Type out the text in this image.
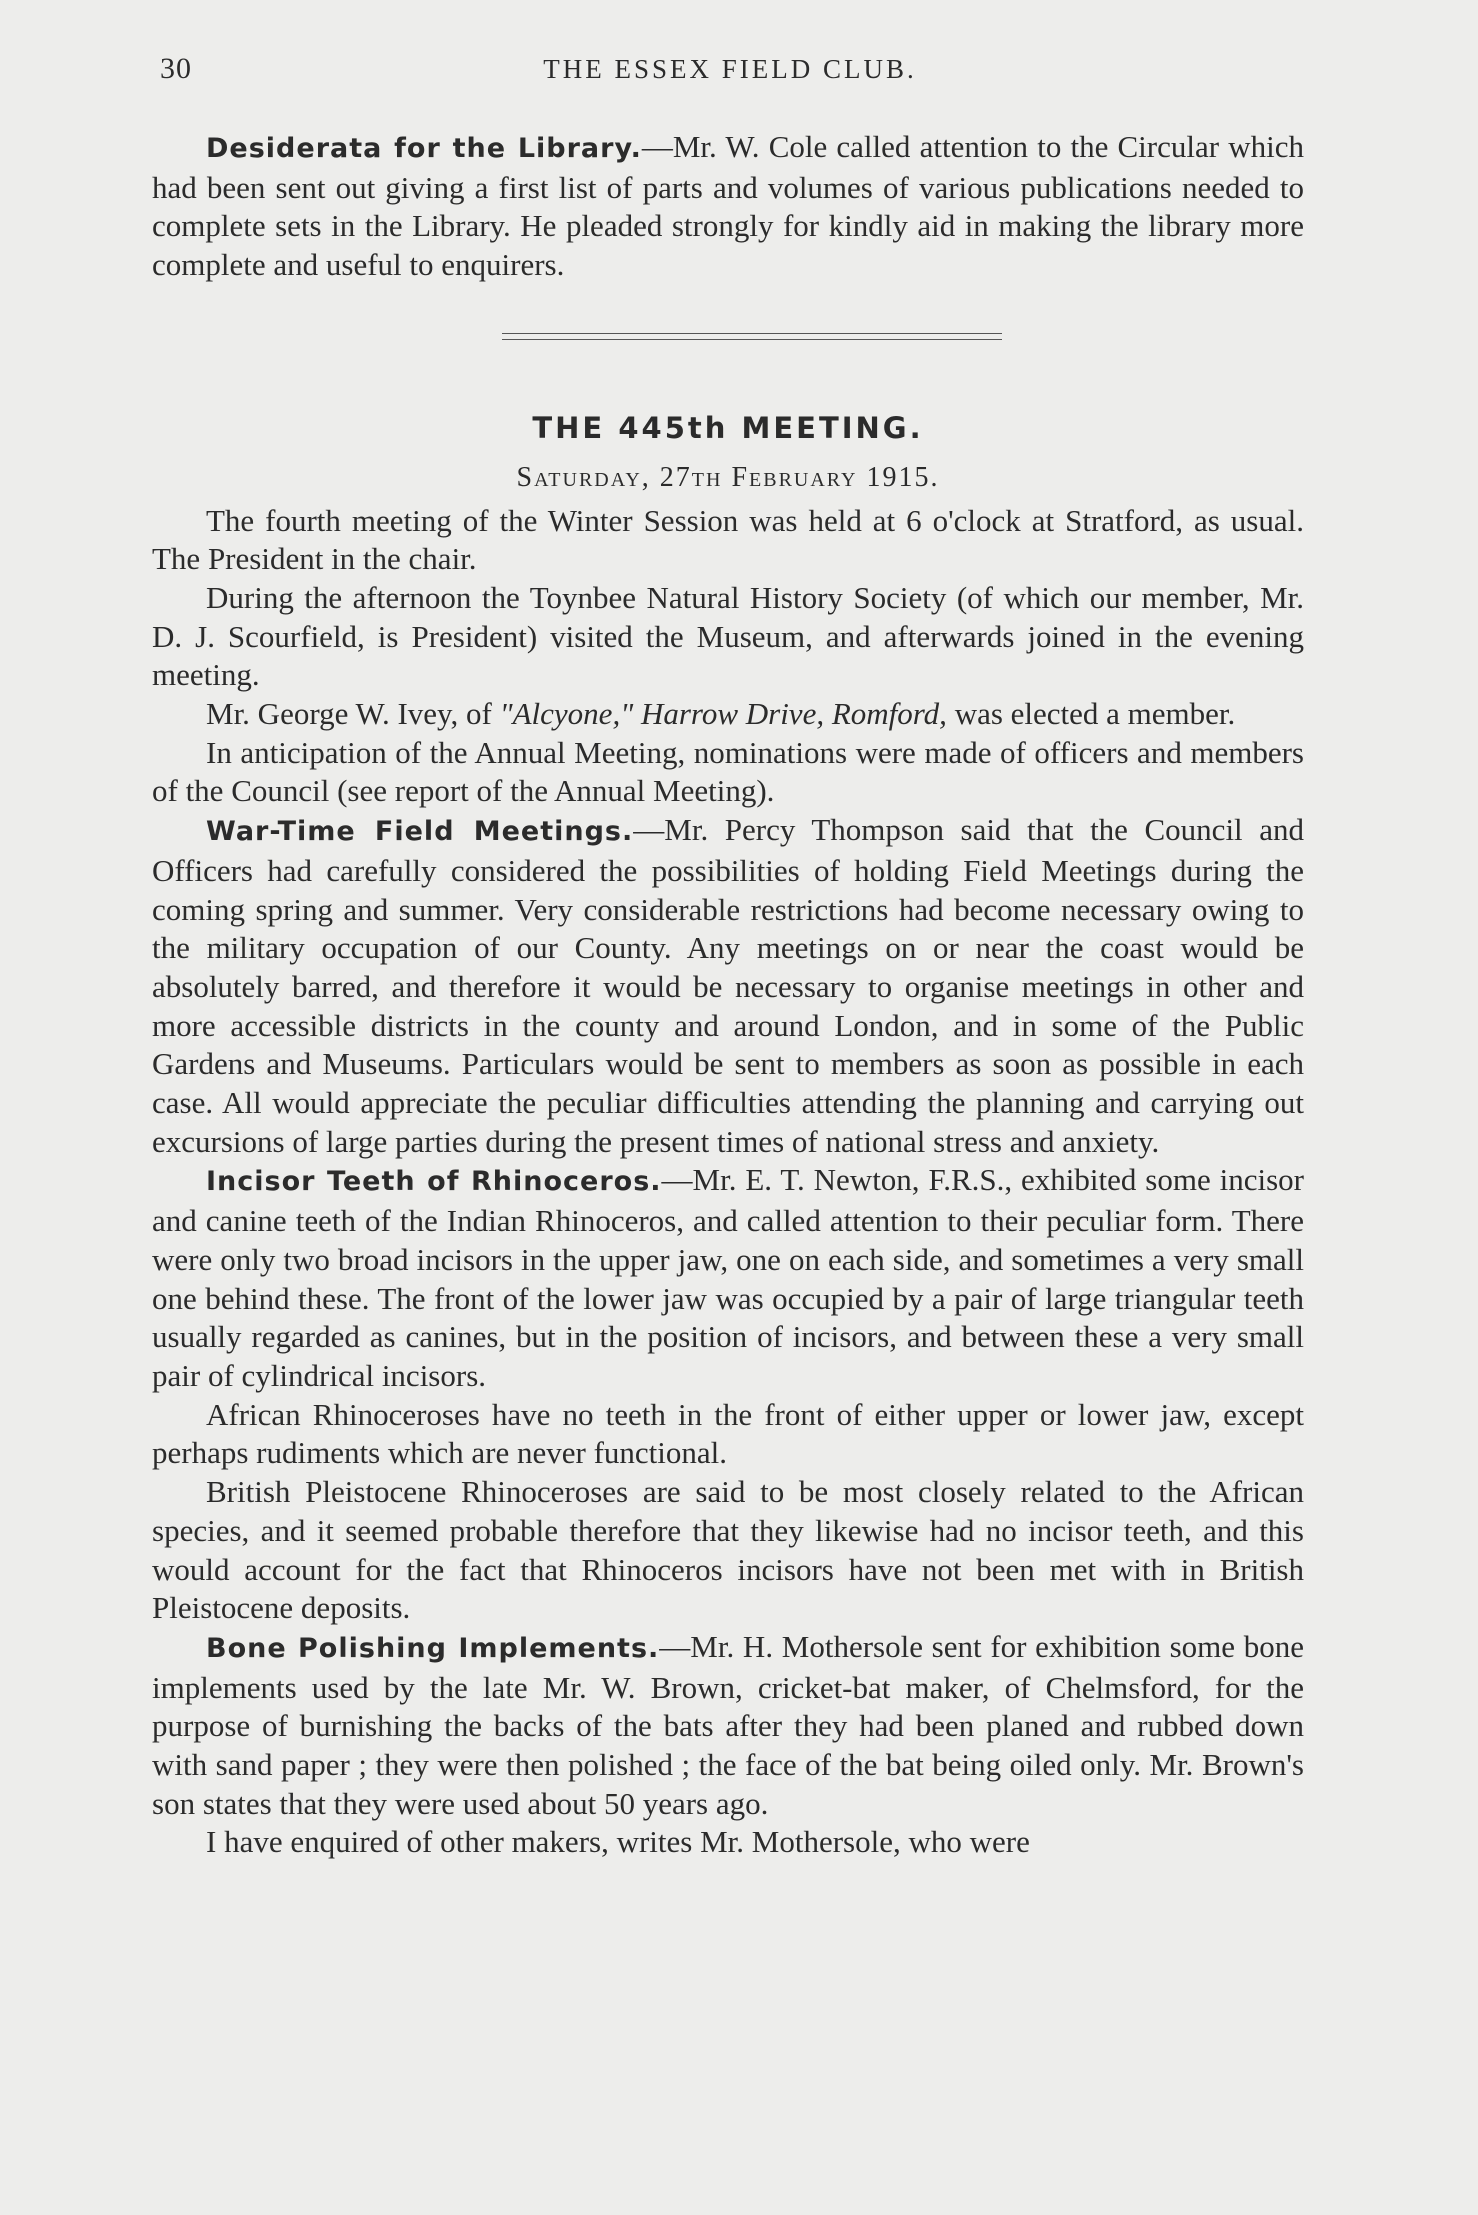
30	THE ESSEX FIELD CLUB.

Desiderata for the Library.—Mr. W. Cole called attention to the Circular which had been sent out giving a first list of parts and volumes of various publications needed to complete sets in the Library. He pleaded strongly for kindly aid in making the library more complete and useful to enquirers.

THE 445th MEETING.

Saturday, 27th February 1915.

The fourth meeting of the Winter Session was held at 6 o'clock at Stratford, as usual. The President in the chair.

During the afternoon the Toynbee Natural History Society (of which our member, Mr. D. J. Scourfield, is President) visited the Museum, and afterwards joined in the evening meeting.

Mr. George W. Ivey, of "Alcyone," Harrow Drive, Romford, was elected a member.

In anticipation of the Annual Meeting, nominations were made of officers and members of the Council (see report of the Annual Meeting).

War-Time Field Meetings.—Mr. Percy Thompson said that the Council and Officers had carefully considered the possibilities of holding Field Meetings during the coming spring and summer. Very considerable restrictions had become necessary owing to the military occupation of our County. Any meetings on or near the coast would be absolutely barred, and therefore it would be necessary to organise meetings in other and more accessible districts in the county and around London, and in some of the Public Gardens and Museums. Particulars would be sent to members as soon as possible in each case. All would appreciate the peculiar difficulties attending the planning and carrying out excursions of large parties during the present times of national stress and anxiety.

Incisor Teeth of Rhinoceros.—Mr. E. T. Newton, F.R.S., exhibited some incisor and canine teeth of the Indian Rhinoceros, and called attention to their peculiar form. There were only two broad incisors in the upper jaw, one on each side, and sometimes a very small one behind these. The front of the lower jaw was occupied by a pair of large triangular teeth usually regarded as canines, but in the position of incisors, and between these a very small pair of cylindrical incisors.

African Rhinoceroses have no teeth in the front of either upper or lower jaw, except perhaps rudiments which are never functional.

British Pleistocene Rhinoceroses are said to be most closely related to the African species, and it seemed probable therefore that they likewise had no incisor teeth, and this would account for the fact that Rhinoceros incisors have not been met with in British Pleistocene deposits.

Bone Polishing Implements.—Mr. H. Mothersole sent for exhibition some bone implements used by the late Mr. W. Brown, cricket-bat maker, of Chelmsford, for the purpose of burnishing the backs of the bats after they had been planed and rubbed down with sand paper ; they were then polished ; the face of the bat being oiled only. Mr. Brown's son states that they were used about 50 years ago.

I have enquired of other makers, writes Mr. Mothersole, who were
